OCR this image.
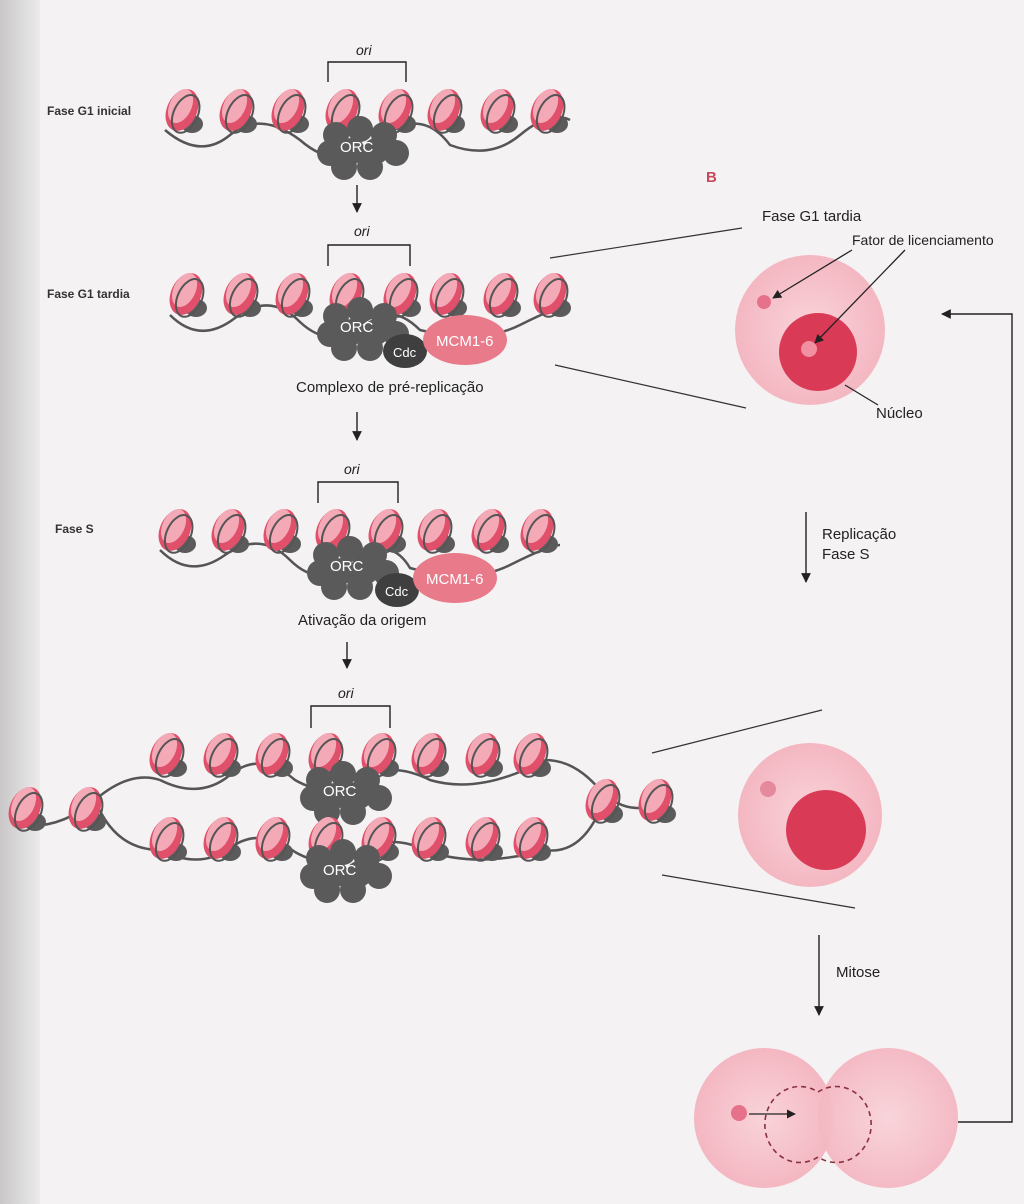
Fase G1 inicial
ori
ORC
Fase G1 tardia
ori
ORC
Cdc
MCM1-6
Complexo de pré-replicação
Fase S
ori
ORC
Cdc
MCM1-6
Ativação da origem
ori
ORC
ORC
B
Fase G1 tardia
Fator de licenciamento
Núcleo
Replicação
Fase S
Mitose
